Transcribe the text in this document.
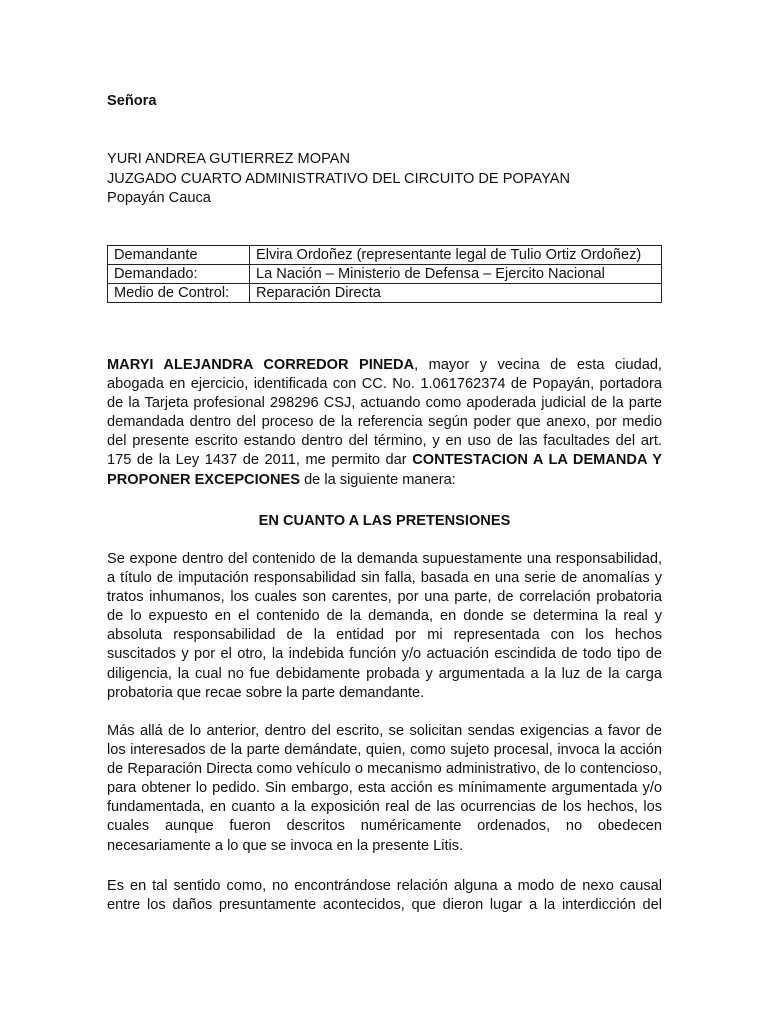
Señora
YURI ANDREA GUTIERREZ MOPAN
JUZGADO CUARTO ADMINISTRATIVO DEL CIRCUITO DE POPAYAN
Popayán Cauca
Demandante	Elvira Ordoñez (representante legal de Tulio Ortiz Ordoñez)
Demandado:	La Nación – Ministerio de Defensa – Ejercito Nacional
Medio de Control:	Reparación Directa
MARYI ALEJANDRA CORREDOR PINEDA, mayor y vecina de esta ciudad, abogada en ejercicio, identificada con CC. No. 1.061762374 de Popayán, portadora de la Tarjeta profesional 298296 CSJ, actuando como apoderada judicial de la parte demandada dentro del proceso de la referencia según poder que anexo, por medio del presente escrito estando dentro del término, y en uso de las facultades del art. 175 de la Ley 1437 de 2011, me permito dar CONTESTACION A LA DEMANDA Y PROPONER EXCEPCIONES de la siguiente manera:
EN CUANTO A LAS PRETENSIONES
Se expone dentro del contenido de la demanda supuestamente una responsabilidad, a título de imputación responsabilidad sin falla, basada en una serie de anomalías y tratos inhumanos, los cuales son carentes, por una parte, de correlación probatoria de lo expuesto en el contenido de la demanda, en donde se determina la real y absoluta responsabilidad de la entidad por mi representada con los hechos suscitados y por el otro, la indebida función y/o actuación escindida de todo tipo de diligencia, la cual no fue debidamente probada y argumentada a la luz de la carga probatoria que recae sobre la parte demandante.
Más allá de lo anterior, dentro del escrito, se solicitan sendas exigencias a favor de los interesados de la parte demándate, quien, como sujeto procesal, invoca la acción de Reparación Directa como vehículo o mecanismo administrativo, de lo contencioso, para obtener lo pedido. Sin embargo, esta acción es mínimamente argumentada y/o fundamentada, en cuanto a la exposición real de las ocurrencias de los hechos, los cuales aunque fueron descritos numéricamente ordenados, no obedecen necesariamente a lo que se invoca en la presente Litis.
Es en tal sentido como, no encontrándose relación alguna a modo de nexo causal entre los daños presuntamente acontecidos, que dieron lugar a la interdicción del
